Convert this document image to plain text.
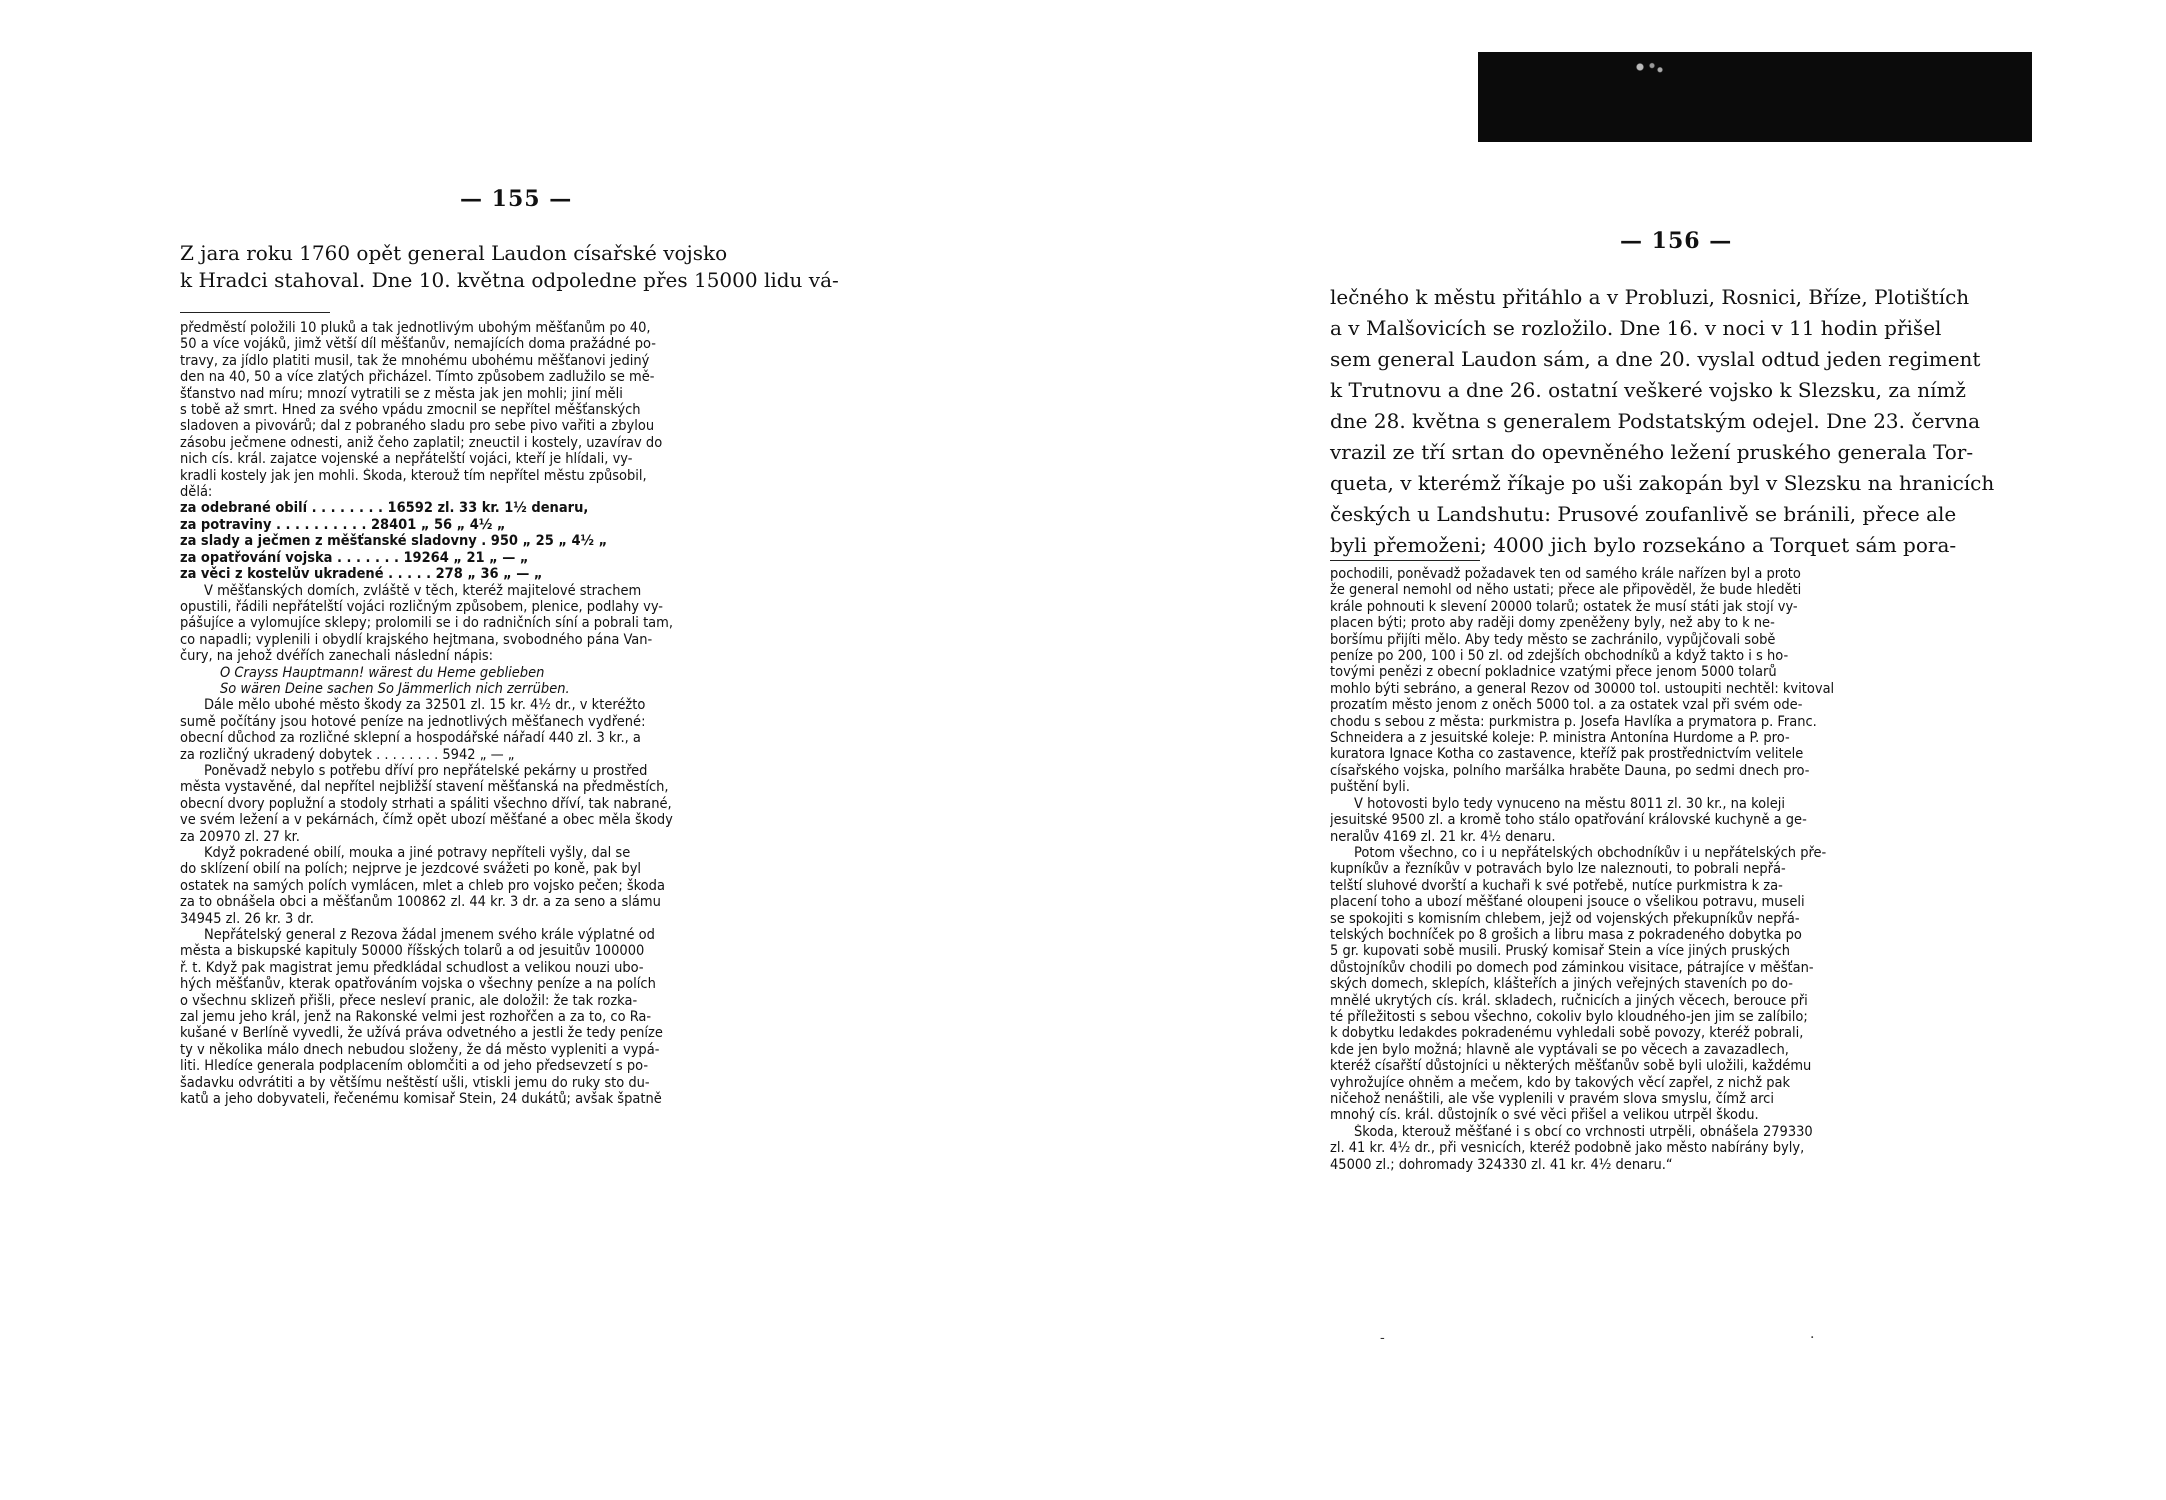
— 155 —
Z jara roku 1760 opět general Laudon císařské vojsko
k Hradci stahoval. Dne 10. května odpoledne přes 15000 lidu vá-
předměstí položili 10 pluků a tak jednotlivým ubohým měšťanům po 40,
50 a více vojáků, jimž větší díl měšťanův, nemajících doma pražádné po-
travy, za jídlo platiti musil, tak že mnohému ubohému měšťanovi jediný
den na 40, 50 a více zlatých přicházel. Tímto způsobem zadlužilo se mě-
šťanstvo nad míru; mnozí vytratili se z města jak jen mohli; jiní měli
s tobě až smrt. Hned za svého vpádu zmocnil se nepřítel měšťanských
sladoven a pivovárů; dal z pobraného sladu pro sebe pivo vařiti a zbylou
zásobu ječmene odnesti, aniž čeho zaplatil; zneuctil i kostely, uzavírav do
nich cís. král. zajatce vojenské a nepřátelští vojáci, kteří je hlídali, vy-
kradli kostely jak jen mohli. Škoda, kterouž tím nepřítel městu způsobil,
dělá:
za odebrané obilí . . . . . . . . 16592 zl. 33 kr. 1½ denaru,
za potraviny . . . . . . . . . . 28401 „ 56 „ 4½ „
za slady a ječmen z měšťanské sladovny . 950 „ 25 „ 4½ „
za opatřování vojska . . . . . . . 19264 „ 21 „ — „
za věci z kostelův ukradené . . . . . 278 „ 36 „ — „
V měšťanských domích, zvláště v těch, kteréž majitelové strachem
opustili, řádili nepřátelští vojáci rozličným způsobem, plenice, podlahy vy-
pášujíce a vylomujíce sklepy; prolomili se i do radničních síní a pobrali tam,
co napadli; vyplenili i obydlí krajského hejtmana, svobodného pána Van-
čury, na jehož dvéřích zanechali následní nápis:
O Crayss Hauptmann! wärest du Heme geblieben
So wären Deine sachen So Jämmerlich nich zerrüben.
Dále mělo ubohé město škody za 32501 zl. 15 kr. 4½ dr., v kteréžto
sumě počítány jsou hotové peníze na jednotlivých měšťanech vydřené:
obecní důchod za rozličné sklepní a hospodářské nářadí 440 zl. 3 kr., a
za rozličný ukradený dobytek . . . . . . . . 5942 „ — „
Poněvadž nebylo s potřebu dříví pro nepřátelské pekárny u prostřed
města vystavěné, dal nepřítel nejbližší stavení měšťanská na předměstích,
obecní dvory poplužní a stodoly strhati a spáliti všechno dříví, tak nabrané,
ve svém ležení a v pekárnách, čímž opět ubozí měšťané a obec měla škody
za 20970 zl. 27 kr.
Když pokradené obilí, mouka a jiné potravy nepříteli vyšly, dal se
do sklízení obilí na polích; nejprve je jezdcové svážeti po koně, pak byl
ostatek na samých polích vymlácen, mlet a chleb pro vojsko pečen; škoda
za to obnášela obci a měšťanům 100862 zl. 44 kr. 3 dr. a za seno a slámu
34945 zl. 26 kr. 3 dr.
Nepřátelský general z Rezova žádal jmenem svého krále výplatné od
města a biskupské kapituly 50000 říšských tolarů a od jesuitův 100000
ř. t. Když pak magistrat jemu předkládal schudlost a velikou nouzi ubo-
hých měšťanův, kterak opatřováním vojska o všechny peníze a na polích
o všechnu sklizeň přišli, přece nesleví pranic, ale doložil: že tak rozka-
zal jemu jeho král, jenž na Rakonské velmi jest rozhořčen a za to, co Ra-
kušané v Berlíně vyvedli, že užívá práva odvetného a jestli že tedy peníze
ty v několika málo dnech nebudou složeny, že dá město vypleniti a vypá-
liti. Hledíce generala podplacením oblomčiti a od jeho předsevzetí s po-
šadavku odvrátiti a by většímu neštěstí ušli, vtiskli jemu do ruky sto du-
katů a jeho dobyvateli, řečenému komisař Stein, 24 dukátů; avšak špatně
— 156 —
lečného k městu přitáhlo a v Probluzi, Rosnici, Bříze, Plotištích
a v Malšovicích se rozložilo. Dne 16. v noci v 11 hodin přišel
sem general Laudon sám, a dne 20. vyslal odtud jeden regiment
k Trutnovu a dne 26. ostatní veškeré vojsko k Slezsku, za nímž
dne 28. května s generalem Podstatským odejel. Dne 23. června
vrazil ze tří srtan do opevněného ležení pruského generala Tor-
queta, v kterémž říkaje po uši zakopán byl v Slezsku na hranicích
českých u Landshutu: Prusové zoufanlivě se bránili, přece ale
byli přemoženi; 4000 jich bylo rozsekáno a Torquet sám pora-
pochodili, poněvadž požadavek ten od samého krále nařízen byl a proto
že general nemohl od něho ustati; přece ale připověděl, že bude hleděti
krále pohnouti k slevení 20000 tolarů; ostatek že musí státi jak stojí vy-
placen býti; proto aby raději domy zpeněženy byly, než aby to k ne-
boršímu přijíti mělo. Aby tedy město se zachránilo, vypůjčovali sobě
peníze po 200, 100 i 50 zl. od zdejších obchodníků a když takto i s ho-
tovými penězi z obecní pokladnice vzatými přece jenom 5000 tolarů
mohlo býti sebráno, a general Rezov od 30000 tol. ustoupiti nechtěl: kvitoval
prozatím město jenom z oněch 5000 tol. a za ostatek vzal při svém ode-
chodu s sebou z města: purkmistra p. Josefa Havlíka a prymatora p. Franc.
Schneidera a z jesuitské koleje: P. ministra Antonína Hurdome a P. pro-
kuratora Ignace Kotha co zastavence, kteříž pak prostřednictvím velitele
císařského vojska, polního maršálka hraběte Dauna, po sedmi dnech pro-
puštění byli.
V hotovosti bylo tedy vynuceno na městu 8011 zl. 30 kr., na koleji
jesuitské 9500 zl. a kromě toho stálo opatřování královské kuchyně a ge-
neralův 4169 zl. 21 kr. 4½ denaru.
Potom všechno, co i u nepřátelských obchodníkův i u nepřátelských pře-
kupníkův a řezníkův v potravách bylo lze naleznouti, to pobrali nepřá-
telští sluhové dvorští a kuchaři k své potřebě, nutíce purkmistra k za-
placení toho a ubozí měšťané oloupeni jsouce o všelikou potravu, museli
se spokojiti s komisním chlebem, jejž od vojenských překupníkův nepřá-
telských bochníček po 8 grošich a libru masa z pokradeného dobytka po
5 gr. kupovati sobě musili. Pruský komisař Stein a více jiných pruských
důstojníkův chodili po domech pod záminkou visitace, pátrajíce v měšťan-
ských domech, sklepích, klášteřích a jiných veřejných staveních po do-
mnělé ukrytých cís. král. skladech, ručnicích a jiných věcech, berouce při
té příležitosti s sebou všechno, cokoliv bylo kloudného-jen jim se zalíbilo;
k dobytku ledakdes pokradenému vyhledali sobě povozy, kteréž pobrali,
kde jen bylo možná; hlavně ale vyptávali se po věcech a zavazadlech,
kteréž císařští důstojníci u některých měšťanův sobě byli uložili, každému
vyhrožujíce ohněm a mečem, kdo by takových věcí zapřel, z nichž pak
ničehož nenáštili, ale vše vyplenili v pravém slova smyslu, čímž arci
mnohý cís. král. důstojník o své věci přišel a velikou utrpěl škodu.
Škoda, kterouž měšťané i s obcí co vrchnosti utrpěli, obnášela 279330
zl. 41 kr. 4½ dr., při vesnicích, kteréž podobně jako město nabírány byly,
45000 zl.; dohromady 324330 zl. 41 kr. 4½ denaru.“
-	·
